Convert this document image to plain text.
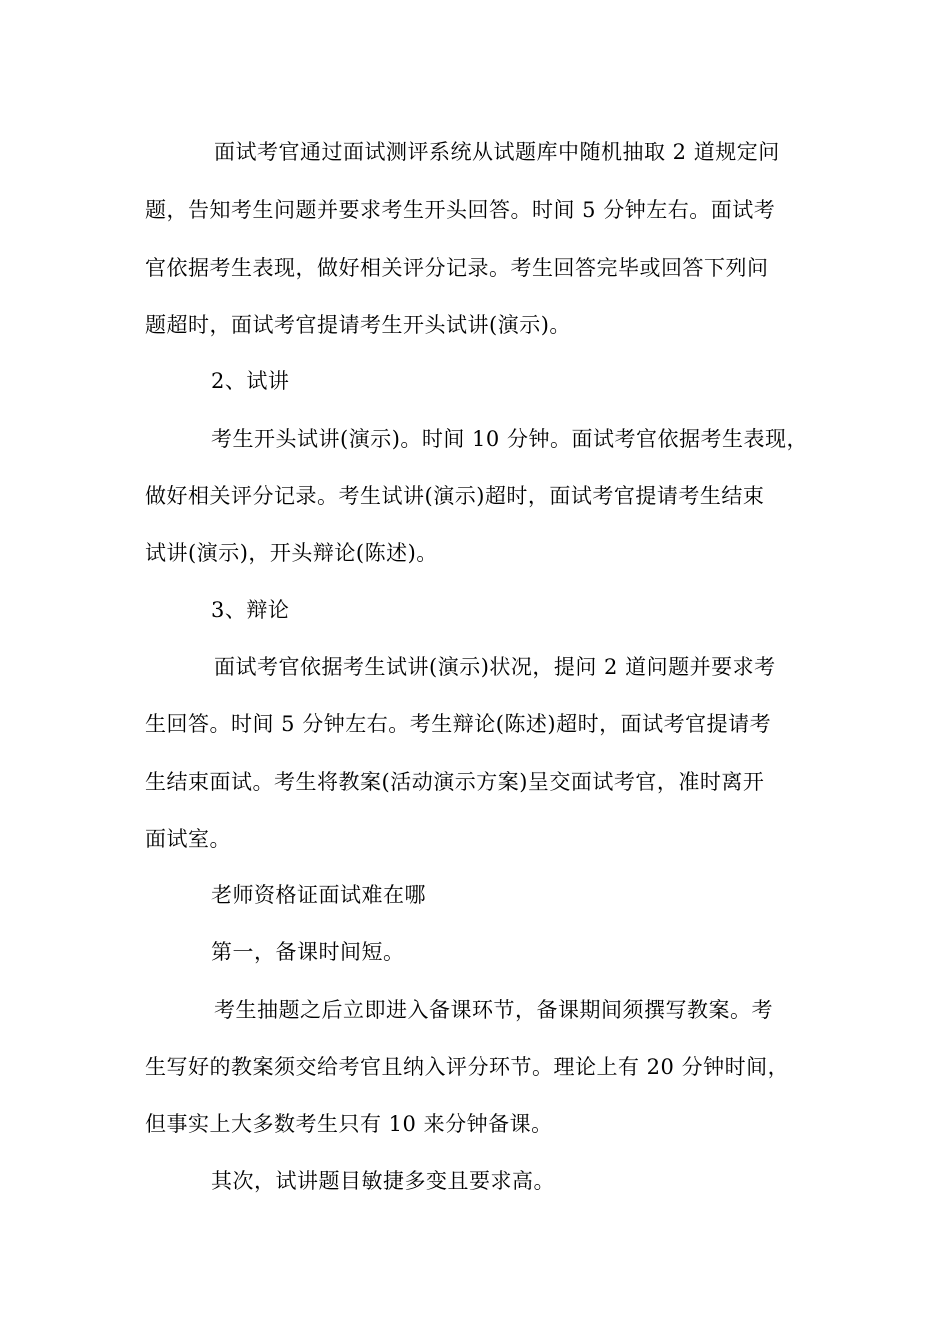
面试考官通过面试测评系统从试题库中随机抽取 2 道规定问

题，告知考生问题并要求考生开头回答。时间 5 分钟左右。面试考

官依据考生表现，做好相关评分记录。考生回答完毕或回答下列问

题超时，面试考官提请考生开头试讲(演示)。

2、试讲

考生开头试讲(演示)。时间 10 分钟。面试考官依据考生表现，

做好相关评分记录。考生试讲(演示)超时，面试考官提请考生结束

试讲(演示)，开头辩论(陈述)。

3、辩论

面试考官依据考生试讲(演示)状况，提问 2 道问题并要求考

生回答。时间 5 分钟左右。考生辩论(陈述)超时，面试考官提请考

生结束面试。考生将教案(活动演示方案)呈交面试考官，准时离开

面试室。

老师资格证面试难在哪

第一，备课时间短。

考生抽题之后立即进入备课环节，备课期间须撰写教案。考

生写好的教案须交给考官且纳入评分环节。理论上有 20 分钟时间，

但事实上大多数考生只有 10 来分钟备课。

其次，试讲题目敏捷多变且要求高。
